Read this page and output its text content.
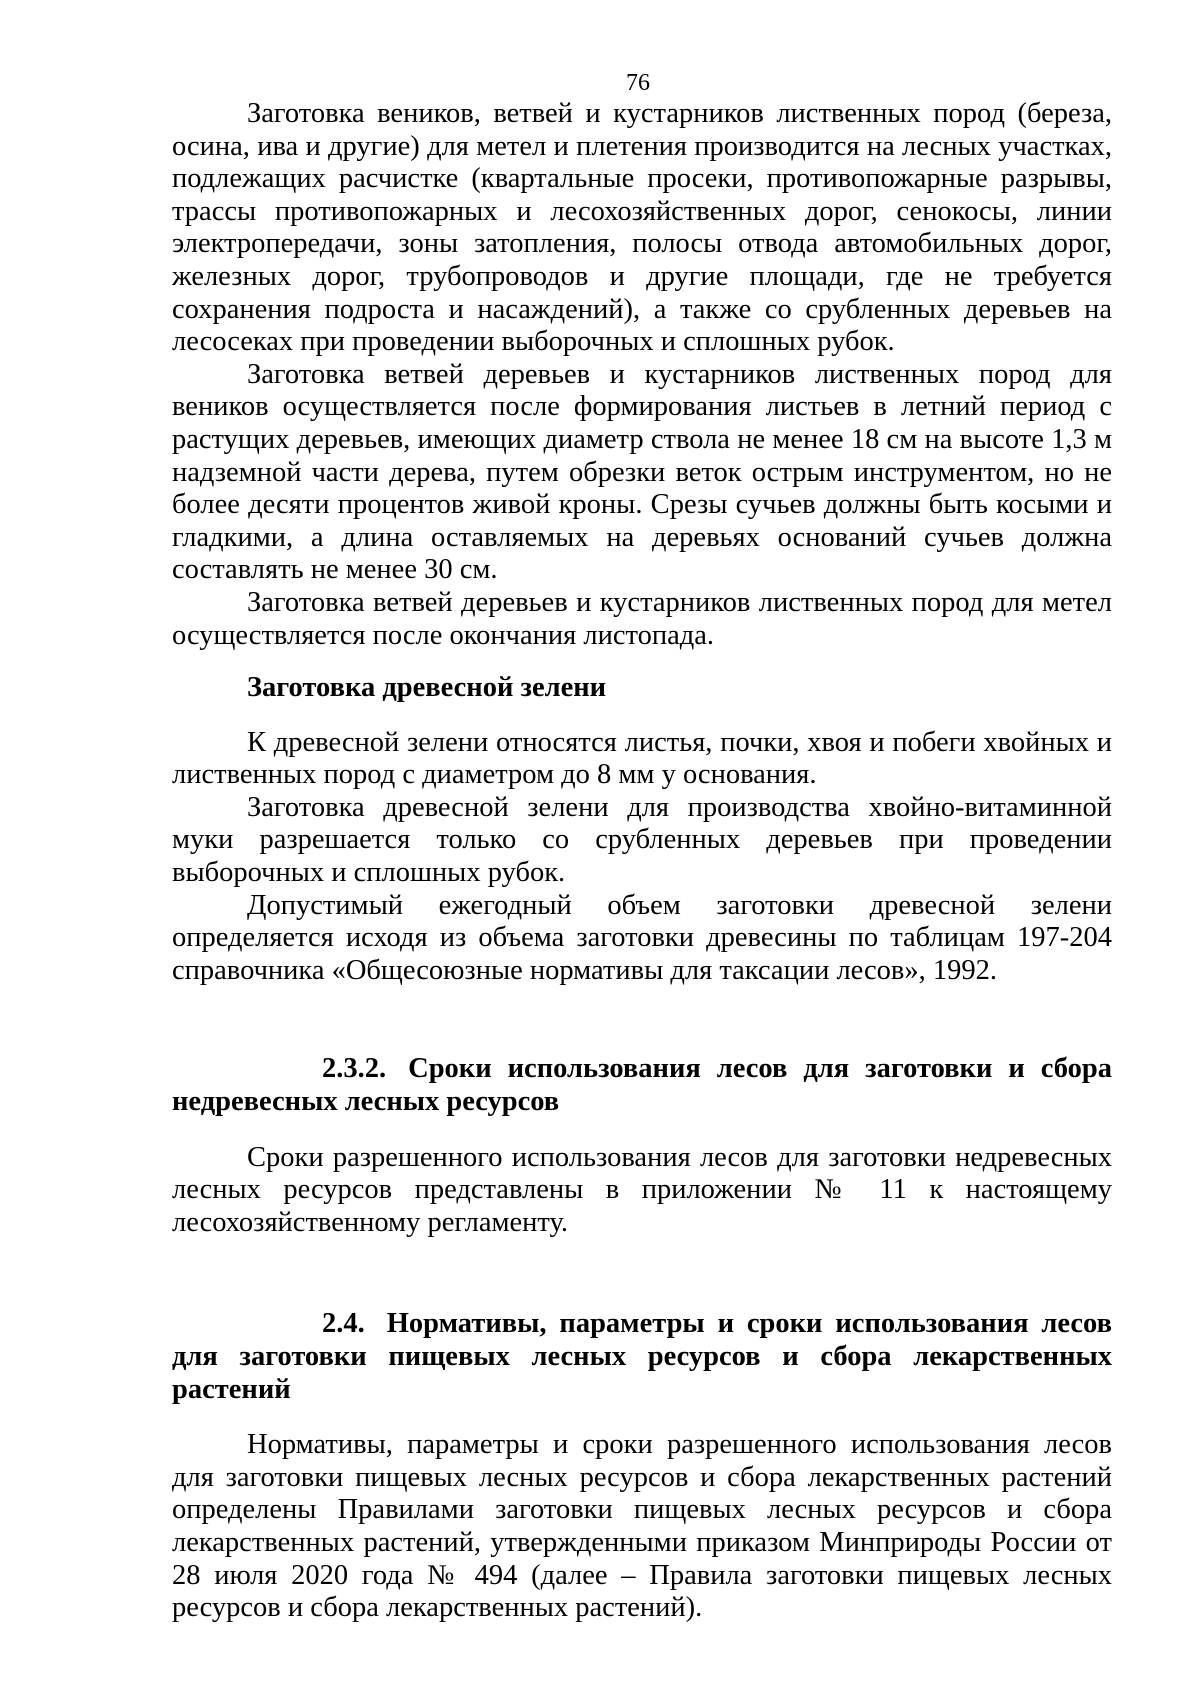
76

Заготовка веников, ветвей и кустарников лиственных пород (береза, осина, ива и другие) для метел и плетения производится на лесных участках, подлежащих расчистке (квартальные просеки, противопожарные разрывы, трассы противопожарных и лесохозяйственных дорог, сенокосы, линии электропередачи, зоны затопления, полосы отвода автомобильных дорог, железных дорог, трубопроводов и другие площади, где не требуется сохранения подроста и насаждений), а также со срубленных деревьев на лесосеках при проведении выборочных и сплошных рубок.

Заготовка ветвей деревьев и кустарников лиственных пород для веников осуществляется после формирования листьев в летний период с растущих деревьев, имеющих диаметр ствола не менее 18 см на высоте 1,3 м надземной части дерева, путем обрезки веток острым инструментом, но не более десяти процентов живой кроны. Срезы сучьев должны быть косыми и гладкими, а длина оставляемых на деревьях оснований сучьев должна составлять не менее 30 см.

Заготовка ветвей деревьев и кустарников лиственных пород для метел осуществляется после окончания листопада.

Заготовка древесной зелени

К древесной зелени относятся листья, почки, хвоя и побеги хвойных и лиственных пород с диаметром до 8 мм у основания.

Заготовка древесной зелени для производства хвойно-витаминной муки разрешается только со срубленных деревьев при проведении выборочных и сплошных рубок.

Допустимый ежегодный объем заготовки древесной зелени определяется исходя из объема заготовки древесины по таблицам 197-204 справочника «Общесоюзные нормативы для таксации лесов», 1992.

2.3.2. Сроки использования лесов для заготовки и сбора недревесных лесных ресурсов

Сроки разрешенного использования лесов для заготовки недревесных лесных ресурсов представлены в приложении № 11 к настоящему лесохозяйственному регламенту.

2.4. Нормативы, параметры и сроки использования лесов для заготовки пищевых лесных ресурсов и сбора лекарственных растений

Нормативы, параметры и сроки разрешенного использования лесов для заготовки пищевых лесных ресурсов и сбора лекарственных растений определены Правилами заготовки пищевых лесных ресурсов и сбора лекарственных растений, утвержденными приказом Минприроды России от 28 июля 2020 года № 494 (далее – Правила заготовки пищевых лесных ресурсов и сбора лекарственных растений).
